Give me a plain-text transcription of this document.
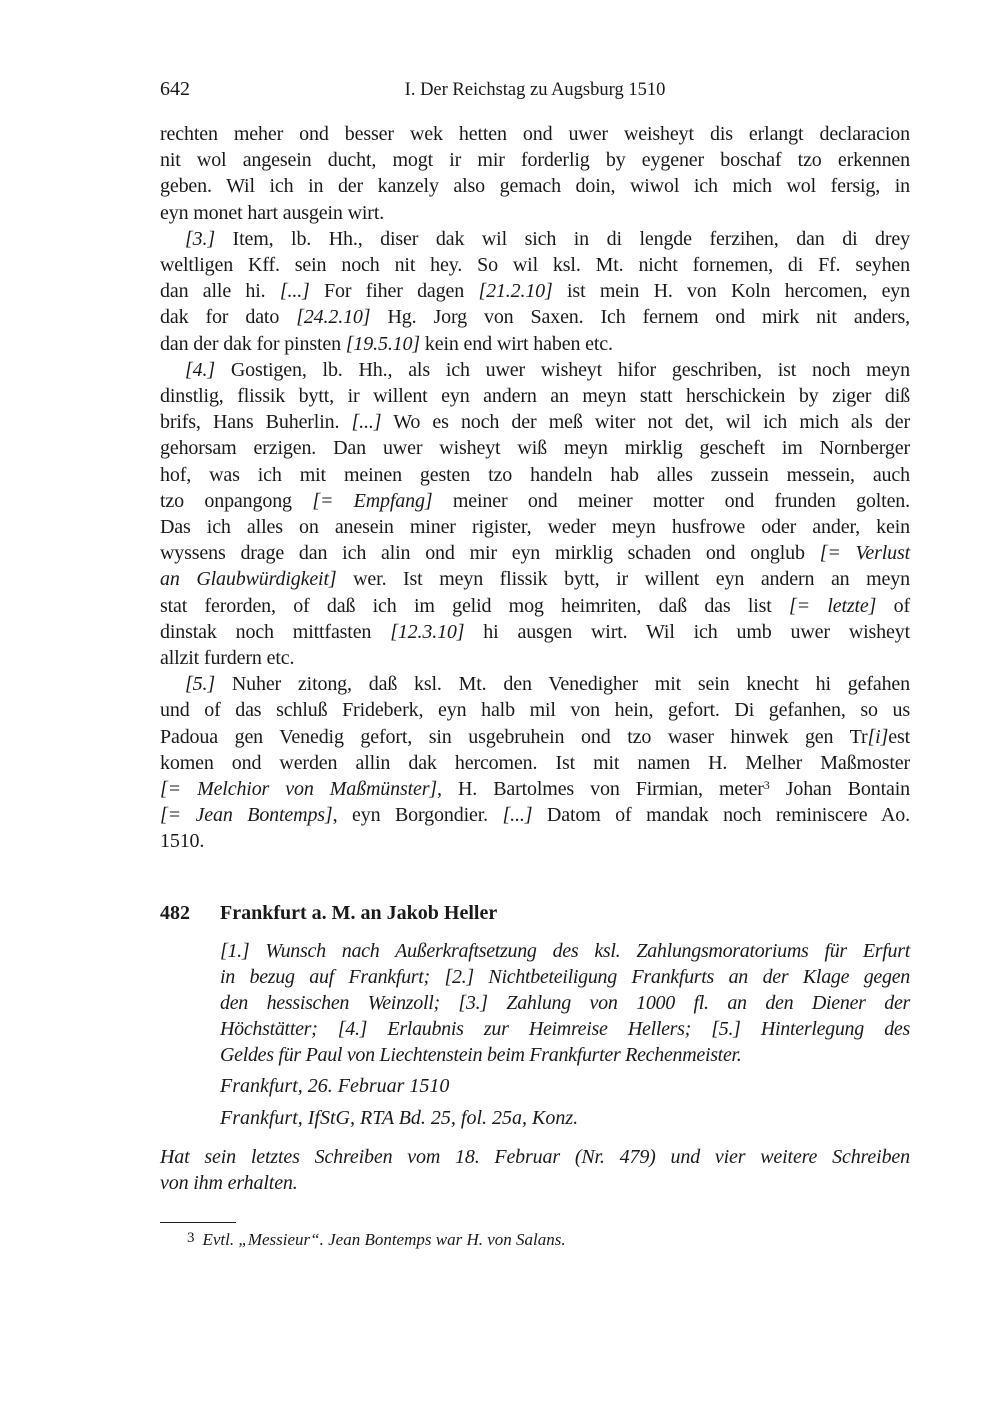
642	I. Der Reichstag zu Augsburg 1510
rechten meher ond besser wek hetten ond uwer weisheyt dis erlangt declaracion
nit wol angesein ducht, mogt ir mir forderlig by eygener boschaf tzo erkennen
geben. Wil ich in der kanzely also gemach doin, wiwol ich mich wol fersig, in
eyn monet hart ausgein wirt.
[3.] Item, lb. Hh., diser dak wil sich in di lengde ferzihen, dan di drey
weltligen Kff. sein noch nit hey. So wil ksl. Mt. nicht fornemen, di Ff. seyhen
dan alle hi. [...] For fiher dagen [21.2.10] ist mein H. von Koln hercomen, eyn
dak for dato [24.2.10] Hg. Jorg von Saxen. Ich fernem ond mirk nit anders,
dan der dak for pinsten [19.5.10] kein end wirt haben etc.
[4.] Gostigen, lb. Hh., als ich uwer wisheyt hifor geschriben, ist noch meyn
dinstlig, flissik bytt, ir willent eyn andern an meyn statt herschickein by ziger diß
brifs, Hans Buherlin. [...] Wo es noch der meß witer not det, wil ich mich als der
gehorsam erzigen. Dan uwer wisheyt wiß meyn mirklig gescheft im Nornberger
hof, was ich mit meinen gesten tzo handeln hab alles zussein messein, auch
tzo onpangong [= Empfang] meiner ond meiner motter ond frunden golten.
Das ich alles on anesein miner rigister, weder meyn husfrowe oder ander, kein
wyssens drage dan ich alin ond mir eyn mirklig schaden ond onglub [= Verlust
an Glaubwürdigkeit] wer. Ist meyn flissik bytt, ir willent eyn andern an meyn
stat ferorden, of daß ich im gelid mog heimriten, daß das list [= letzte] of
dinstak noch mittfasten [12.3.10] hi ausgen wirt. Wil ich umb uwer wisheyt
allzit furdern etc.
[5.] Nuher zitong, daß ksl. Mt. den Venedigher mit sein knecht hi gefahen
und of das schluß Frideberk, eyn halb mil von hein, gefort. Di gefanhen, so us
Padoua gen Venedig gefort, sin usgebruhein ond tzo waser hinwek gen Tr[i]est
komen ond werden allin dak hercomen. Ist mit namen H. Melher Maßmoster
[= Melchior von Maßmünster], H. Bartolmes von Firmian, meter$^3$ Johan Bontain
[= Jean Bontemps], eyn Borgondier. [...] Datom of mandak noch reminiscere Ao.
1510.
482 Frankfurt a. M. an Jakob Heller
[1.] Wunsch nach Außerkraftsetzung des ksl. Zahlungsmoratoriums für Erfurt
in bezug auf Frankfurt; [2.] Nichtbeteiligung Frankfurts an der Klage gegen
den hessischen Weinzoll; [3.] Zahlung von 1000 fl. an den Diener der
Höchstätter; [4.] Erlaubnis zur Heimreise Hellers; [5.] Hinterlegung des
Geldes für Paul von Liechtenstein beim Frankfurter Rechenmeister.
Frankfurt, 26. Februar 1510
Frankfurt, IfStG, RTA Bd. 25, fol. 25a, Konz.
Hat sein letztes Schreiben vom 18. Februar (Nr. 479) und vier weitere Schreiben
von ihm erhalten.
3 Evtl. „Messieur“. Jean Bontemps war H. von Salans.
